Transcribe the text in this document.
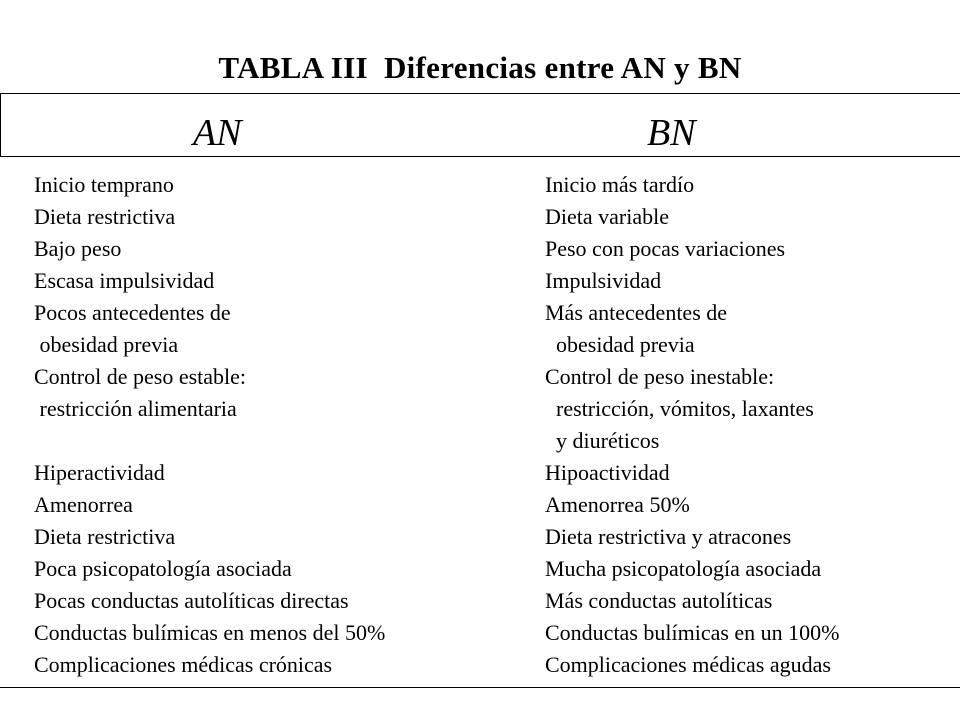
TABLA III  Diferencias entre AN y BN
AN	BN
Inicio temprano
Dieta restrictiva
Bajo peso
Escasa impulsividad
Pocos antecedentes de
obesidad previa
Control de peso estable:
restricción alimentaria
Hiperactividad
Amenorrea
Dieta restrictiva
Poca psicopatología asociada
Pocas conductas autolíticas directas
Conductas bulímicas en menos del 50%
Complicaciones médicas crónicas
Inicio más tardío
Dieta variable
Peso con pocas variaciones
Impulsividad
Más antecedentes de
obesidad previa
Control de peso inestable:
restricción, vómitos, laxantes
y diuréticos
Hipoactividad
Amenorrea 50%
Dieta restrictiva y atracones
Mucha psicopatología asociada
Más conductas autolíticas
Conductas bulímicas en un 100%
Complicaciones médicas agudas
